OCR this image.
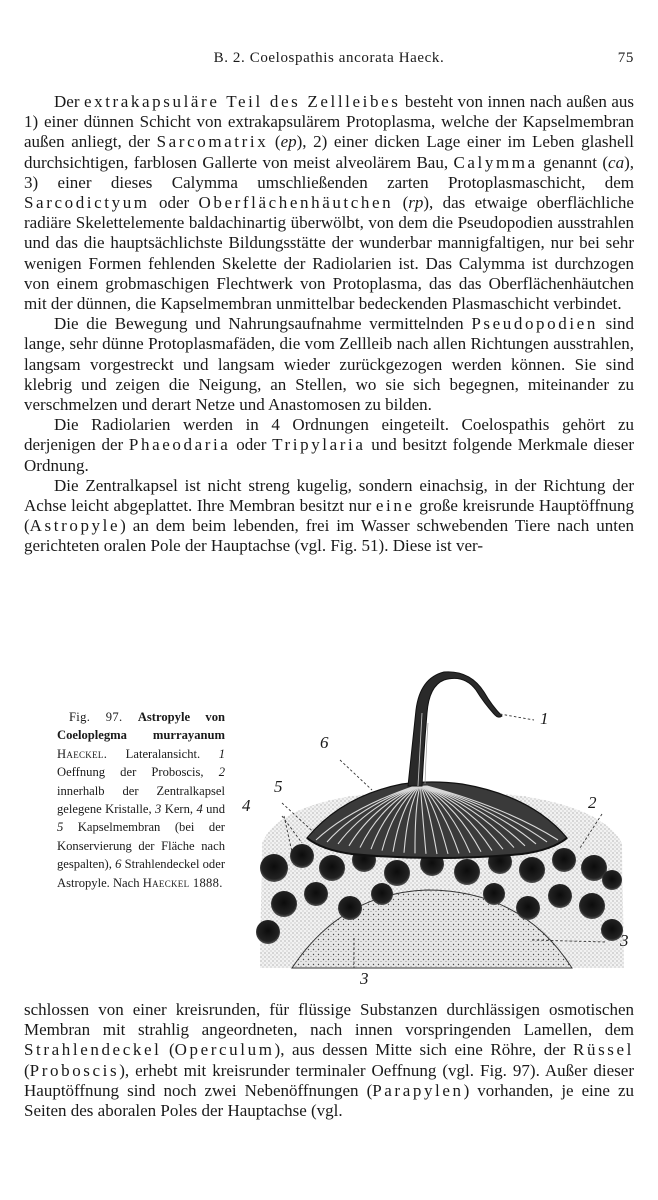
B. 2. Coelospathis ancorata Haeck.	75

Der extrakapsuläre Teil des Zellleibes besteht von innen nach außen aus 1) einer dünnen Schicht von extrakapsulärem Protoplasma, welche der Kapselmembran außen anliegt, der Sarcomatrix (ep), 2) einer dicken Lage einer im Leben glashell durchsichtigen, farblosen Gallerte von meist alveolärem Bau, Calymma genannt (ca), 3) einer dieses Calymma umschließenden zarten Protoplasmaschicht, dem Sarcodictyum oder Oberflächenhäutchen (rp), das etwaige oberflächliche radiäre Skelettelemente baldachinartig überwölbt, von dem die Pseudopodien ausstrahlen und das die hauptsächlichste Bildungsstätte der wunderbar mannigfaltigen, nur bei sehr wenigen Formen fehlenden Skelette der Radiolarien ist. Das Calymma ist durchzogen von einem grobmaschigen Flechtwerk von Protoplasma, das das Oberflächenhäutchen mit der dünnen, die Kapselmembran unmittelbar bedeckenden Plasmaschicht verbindet.

Die die Bewegung und Nahrungsaufnahme vermittelnden Pseudopodien sind lange, sehr dünne Protoplasmafäden, die vom Zellleib nach allen Richtungen ausstrahlen, langsam vorgestreckt und langsam wieder zurückgezogen werden können. Sie sind klebrig und zeigen die Neigung, an Stellen, wo sie sich begegnen, miteinander zu verschmelzen und derart Netze und Anastomosen zu bilden.

Die Radiolarien werden in 4 Ordnungen eingeteilt. Coelospathis gehört zu derjenigen der Phaeodaria oder Tripylaria und besitzt folgende Merkmale dieser Ordnung.

Die Zentralkapsel ist nicht streng kugelig, sondern einachsig, in der Richtung der Achse leicht abgeplattet. Ihre Membran besitzt nur eine große kreisrunde Hauptöffnung (Astropyle) an dem beim lebenden, frei im Wasser schwebenden Tiere nach unten gerichteten oralen Pole der Hauptachse (vgl. Fig. 51). Diese ist ver-

Fig. 97. Astropyle von Coeloplegma murrayanum Haeckel. Lateralansicht. 1 Oeffnung der Proboscis, 2 innerhalb der Zentralkapsel gelegene Kristalle, 3 Kern, 4 und 5 Kapselmembran (bei der Konservierung der Fläche nach gespalten), 6 Strahlendeckel oder Astropyle. Nach Haeckel 1888.

1
6
5
4	2
3
3

schlossen von einer kreisrunden, für flüssige Substanzen durchlässigen osmotischen Membran mit strahlig angeordneten, nach innen vorspringenden Lamellen, dem Strahlendeckel (Operculum), aus dessen Mitte sich eine Röhre, der Rüssel (Proboscis), erhebt mit kreisrunder terminaler Oeffnung (vgl. Fig. 97). Außer dieser Hauptöffnung sind noch zwei Nebenöffnungen (Parapylen) vorhanden, je eine zu Seiten des aboralen Poles der Hauptachse (vgl.
